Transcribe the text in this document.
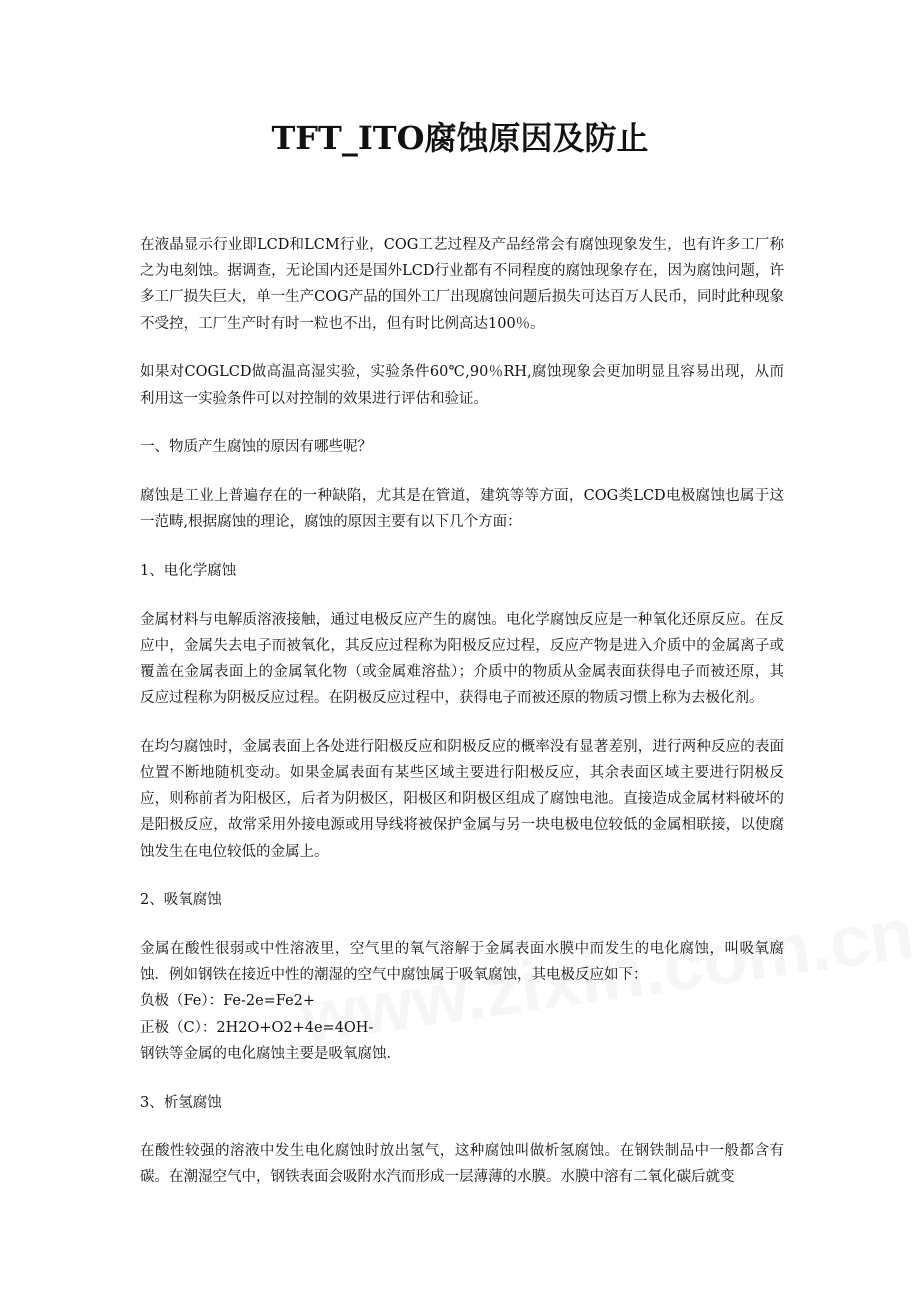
TFT_ITO腐蚀原因及防止

在液晶显示行业即LCD和LCM行业，COG工艺过程及产品经常会有腐蚀现象发生，也有许多工厂称之为电刻蚀。据调查，无论国内还是国外LCD行业都有不同程度的腐蚀现象存在，因为腐蚀问题，许多工厂损失巨大，单一生产COG产品的国外工厂出现腐蚀问题后损失可达百万人民币，同时此种现象不受控，工厂生产时有时一粒也不出，但有时比例高达100％。

如果对COGLCD做高温高湿实验，实验条件60℃,90％RH,腐蚀现象会更加明显且容易出现，从而利用这一实验条件可以对控制的效果进行评估和验证。

一、物质产生腐蚀的原因有哪些呢？

腐蚀是工业上普遍存在的一种缺陷，尤其是在管道，建筑等等方面，COG类LCD电极腐蚀也属于这一范畴,根据腐蚀的理论，腐蚀的原因主要有以下几个方面：

1、电化学腐蚀

金属材料与电解质溶液接触，通过电极反应产生的腐蚀。电化学腐蚀反应是一种氧化还原反应。在反应中，金属失去电子而被氧化，其反应过程称为阳极反应过程，反应产物是进入介质中的金属离子或覆盖在金属表面上的金属氧化物（或金属难溶盐）；介质中的物质从金属表面获得电子而被还原，其反应过程称为阴极反应过程。在阴极反应过程中，获得电子而被还原的物质习惯上称为去极化剂。

在均匀腐蚀时，金属表面上各处进行阳极反应和阴极反应的概率没有显著差别，进行两种反应的表面位置不断地随机变动。如果金属表面有某些区域主要进行阳极反应，其余表面区域主要进行阴极反应，则称前者为阳极区，后者为阴极区，阳极区和阴极区组成了腐蚀电池。直接造成金属材料破坏的是阳极反应，故常采用外接电源或用导线将被保护金属与另一块电极电位较低的金属相联接，以使腐蚀发生在电位较低的金属上。

2、吸氧腐蚀

金属在酸性很弱或中性溶液里，空气里的氧气溶解于金属表面水膜中而发生的电化腐蚀，叫吸氧腐蚀．例如钢铁在接近中性的潮湿的空气中腐蚀属于吸氧腐蚀，其电极反应如下：

负极（Fe）：Fe-2e=Fe2+

正极（C）：2H2O+O2+4e=4OH-

钢铁等金属的电化腐蚀主要是吸氧腐蚀．

3、析氢腐蚀

在酸性较强的溶液中发生电化腐蚀时放出氢气，这种腐蚀叫做析氢腐蚀。在钢铁制品中一般都含有碳。在潮湿空气中，钢铁表面会吸附水汽而形成一层薄薄的水膜。水膜中溶有二氧化碳后就变
